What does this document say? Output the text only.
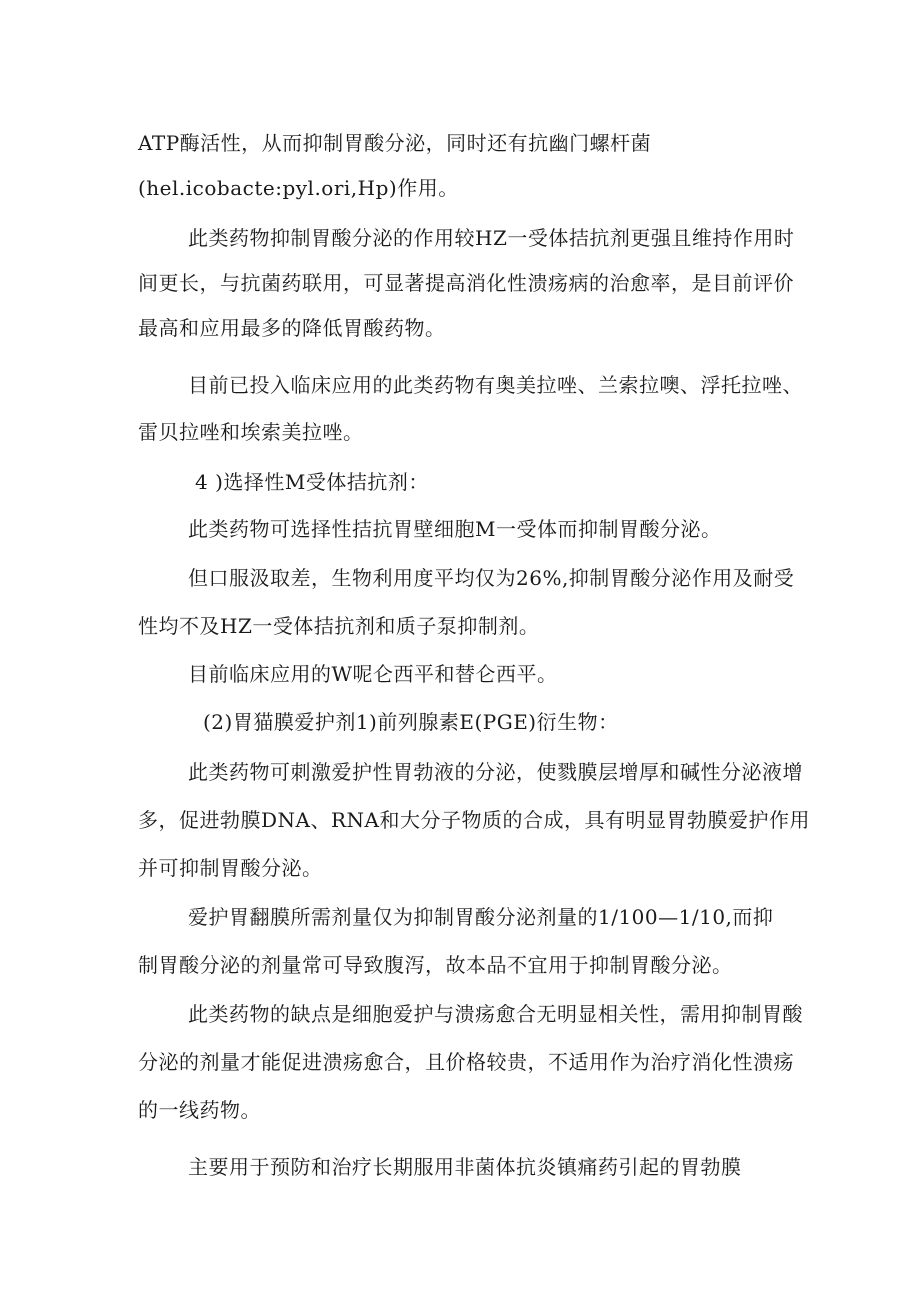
ATP酶活性，从而抑制胃酸分泌，同时还有抗幽门螺杆菌
(hel.icobacte:pyl.ori,Hp)作用。
此类药物抑制胃酸分泌的作用较HZ一受体拮抗剂更强且维持作用时
间更长，与抗菌药联用，可显著提高消化性溃疡病的治愈率，是目前评价
最高和应用最多的降低胃酸药物。
目前已投入临床应用的此类药物有奥美拉唑、兰索拉噢、浮托拉唑、
雷贝拉唑和埃索美拉唑。
4 )选择性M受体拮抗剂：
此类药物可选择性拮抗胃壁细胞M一受体而抑制胃酸分泌。
但口服汲取差，生物利用度平均仅为26%,抑制胃酸分泌作用及耐受
性均不及HZ一受体拮抗剂和质子泵抑制剂。
目前临床应用的W呢仑西平和替仑西平。
(2)胃猫膜爱护剂1)前列腺素E(PGE)衍生物：
此类药物可刺激爱护性胃勃液的分泌，使戮膜层增厚和碱性分泌液增
多，促进勃膜DNA、RNA和大分子物质的合成，具有明显胃勃膜爱护作用
并可抑制胃酸分泌。
爱护胃翻膜所需剂量仅为抑制胃酸分泌剂量的1/100—1/10,而抑
制胃酸分泌的剂量常可导致腹泻，故本品不宜用于抑制胃酸分泌。
此类药物的缺点是细胞爱护与溃疡愈合无明显相关性，需用抑制胃酸
分泌的剂量才能促进溃疡愈合，且价格较贵，不适用作为治疗消化性溃疡
的一线药物。
主要用于预防和治疗长期服用非菌体抗炎镇痛药引起的胃勃膜
